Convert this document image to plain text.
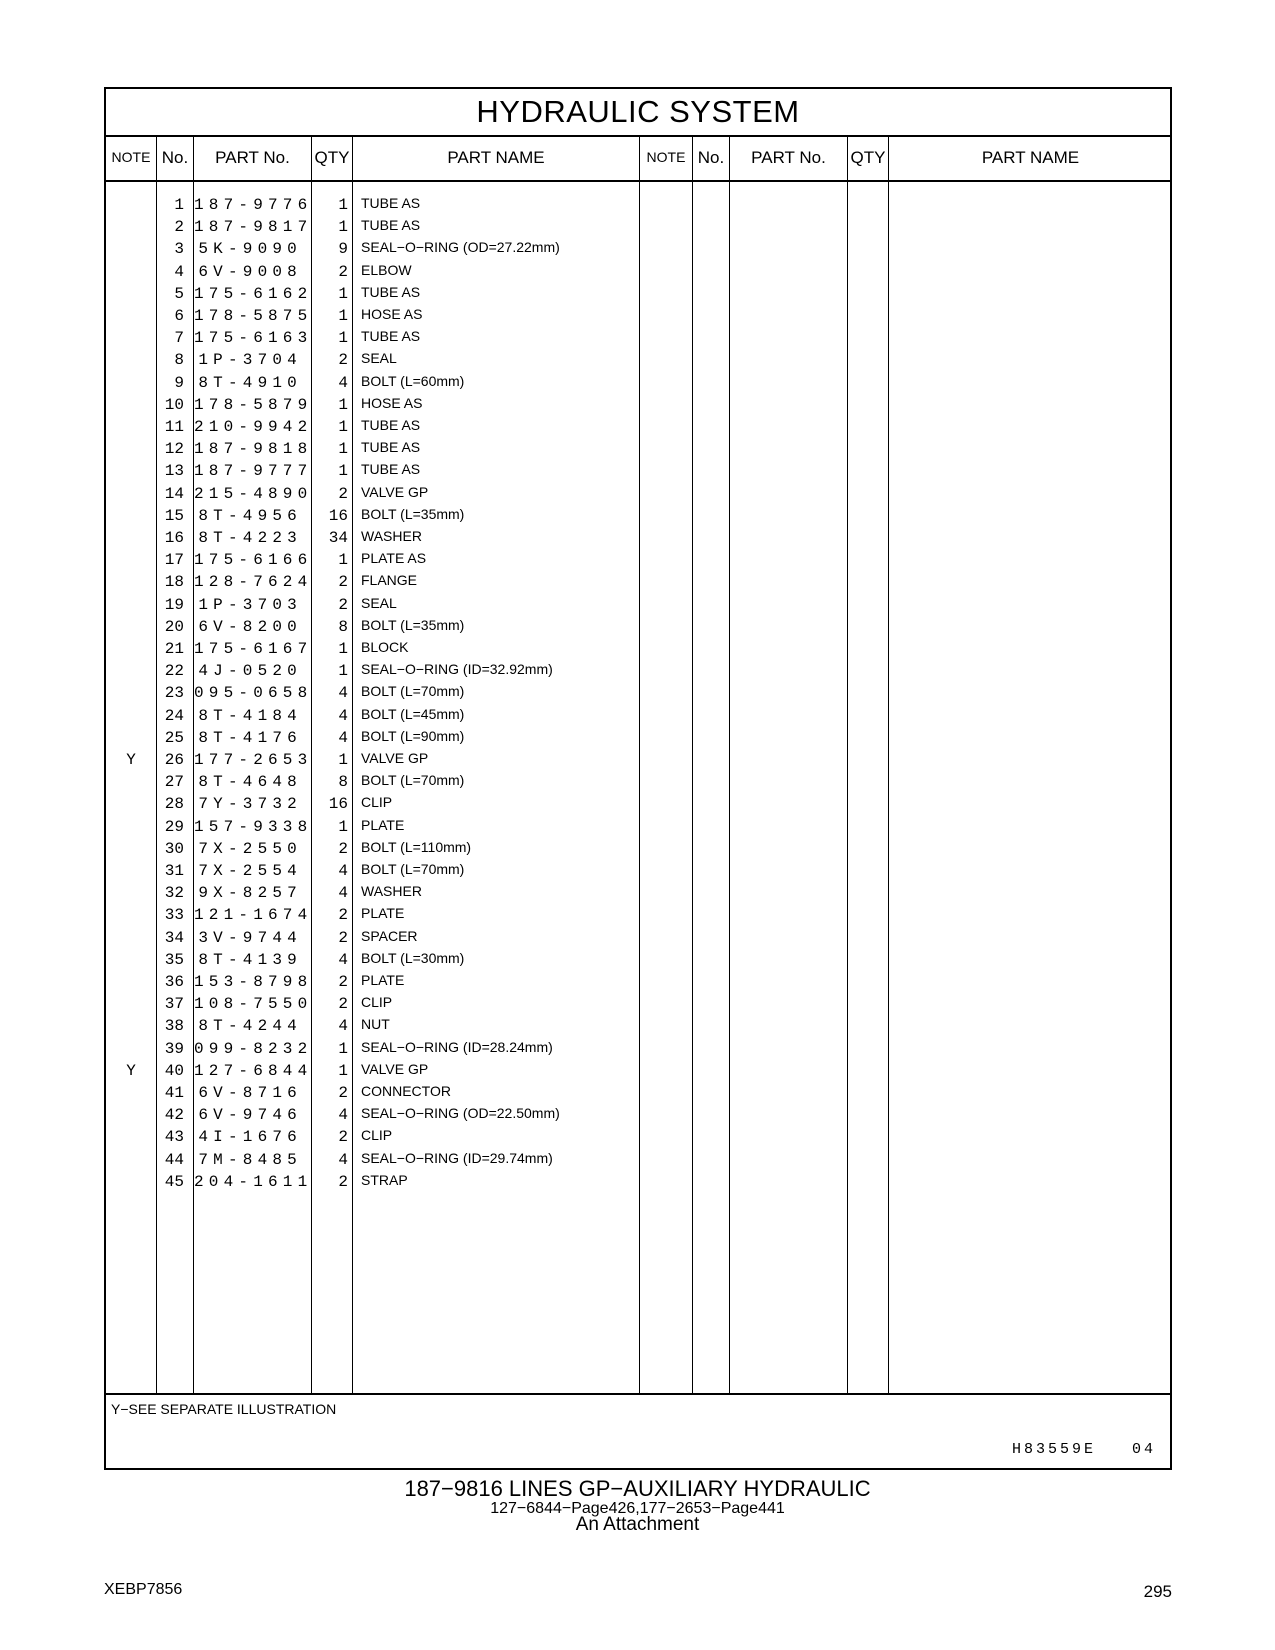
HYDRAULIC SYSTEM
NOTE No.	PART No.	QTY	PART NAME	NOTE No.	PART No.	QTY	PART NAME
1 187-9776	1 TUBE AS
2 187-9817	1 TUBE AS
3 5K-9090	9 SEAL−O−RING (OD=27.22mm)
4 6V-9008	2 ELBOW
5 175-6162	1 TUBE AS
6 178-5875	1 HOSE AS
7 175-6163	1 TUBE AS
8 1P-3704	2 SEAL
9 8T-4910	4 BOLT (L=60mm)
10 178-5879	1 HOSE AS
11 210-9942	1 TUBE AS
12 187-9818	1 TUBE AS
13 187-9777	1 TUBE AS
14 215-4890	2 VALVE GP
15 8T-4956	16 BOLT (L=35mm)
16 8T-4223	34 WASHER
17 175-6166	1 PLATE AS
18 128-7624	2 FLANGE
19 1P-3703	2 SEAL
20 6V-8200	8 BOLT (L=35mm)
21 175-6167	1 BLOCK
22 4J-0520	1 SEAL−O−RING (ID=32.92mm)
23 095-0658	4 BOLT (L=70mm)
24 8T-4184	4 BOLT (L=45mm)
25 8T-4176	4 BOLT (L=90mm)
Y	26 177-2653	1 VALVE GP
27 8T-4648	8 BOLT (L=70mm)
28 7Y-3732	16 CLIP
29 157-9338	1 PLATE
30 7X-2550	2 BOLT (L=110mm)
31 7X-2554	4 BOLT (L=70mm)
32 9X-8257	4 WASHER
33 121-1674	2 PLATE
34 3V-9744	2 SPACER
35 8T-4139	4 BOLT (L=30mm)
36 153-8798	2 PLATE
37 108-7550	2 CLIP
38 8T-4244	4 NUT
39 099-8232	1 SEAL−O−RING (ID=28.24mm)
Y	40 127-6844	1 VALVE GP
41 6V-8716	2 CONNECTOR
42 6V-9746	4 SEAL−O−RING (OD=22.50mm)
43 4I-1676	2 CLIP
44 7M-8485	4 SEAL−O−RING (ID=29.74mm)
45 204-1611	2 STRAP
Y−SEE SEPARATE ILLUSTRATION
H83559E   04
187−9816 LINES GP−AUXILIARY HYDRAULIC
127−6844−Page426,177−2653−Page441
An Attachment
XEBP7856	295
